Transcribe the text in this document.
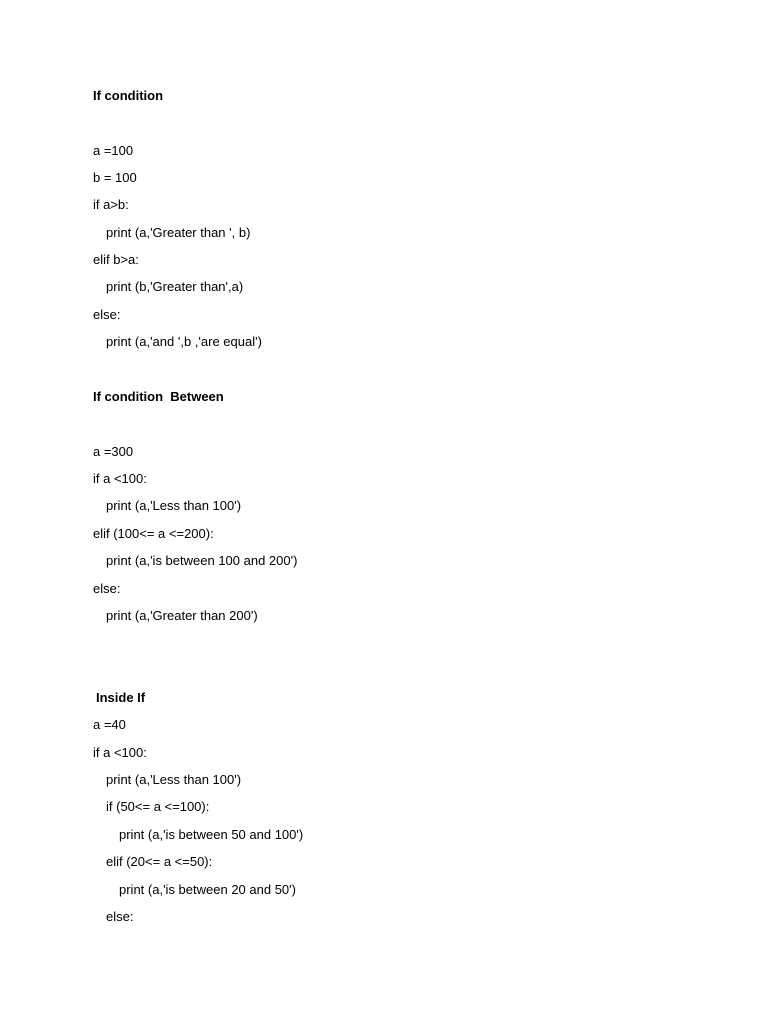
If condition
a =100
b = 100
if a>b:
print (a,'Greater than ', b)
elif b>a:
print (b,'Greater than',a)
else:
print (a,'and ',b ,'are equal')
If condition  Between
a =300
if a <100:
print (a,'Less than 100')
elif (100<= a <=200):
print (a,'is between 100 and 200')
else:
print (a,'Greater than 200')
Inside If
a =40
if a <100:
print (a,'Less than 100')
if (50<= a <=100):
print (a,'is between 50 and 100')
elif (20<= a <=50):
print (a,'is between 20 and 50')
else:
